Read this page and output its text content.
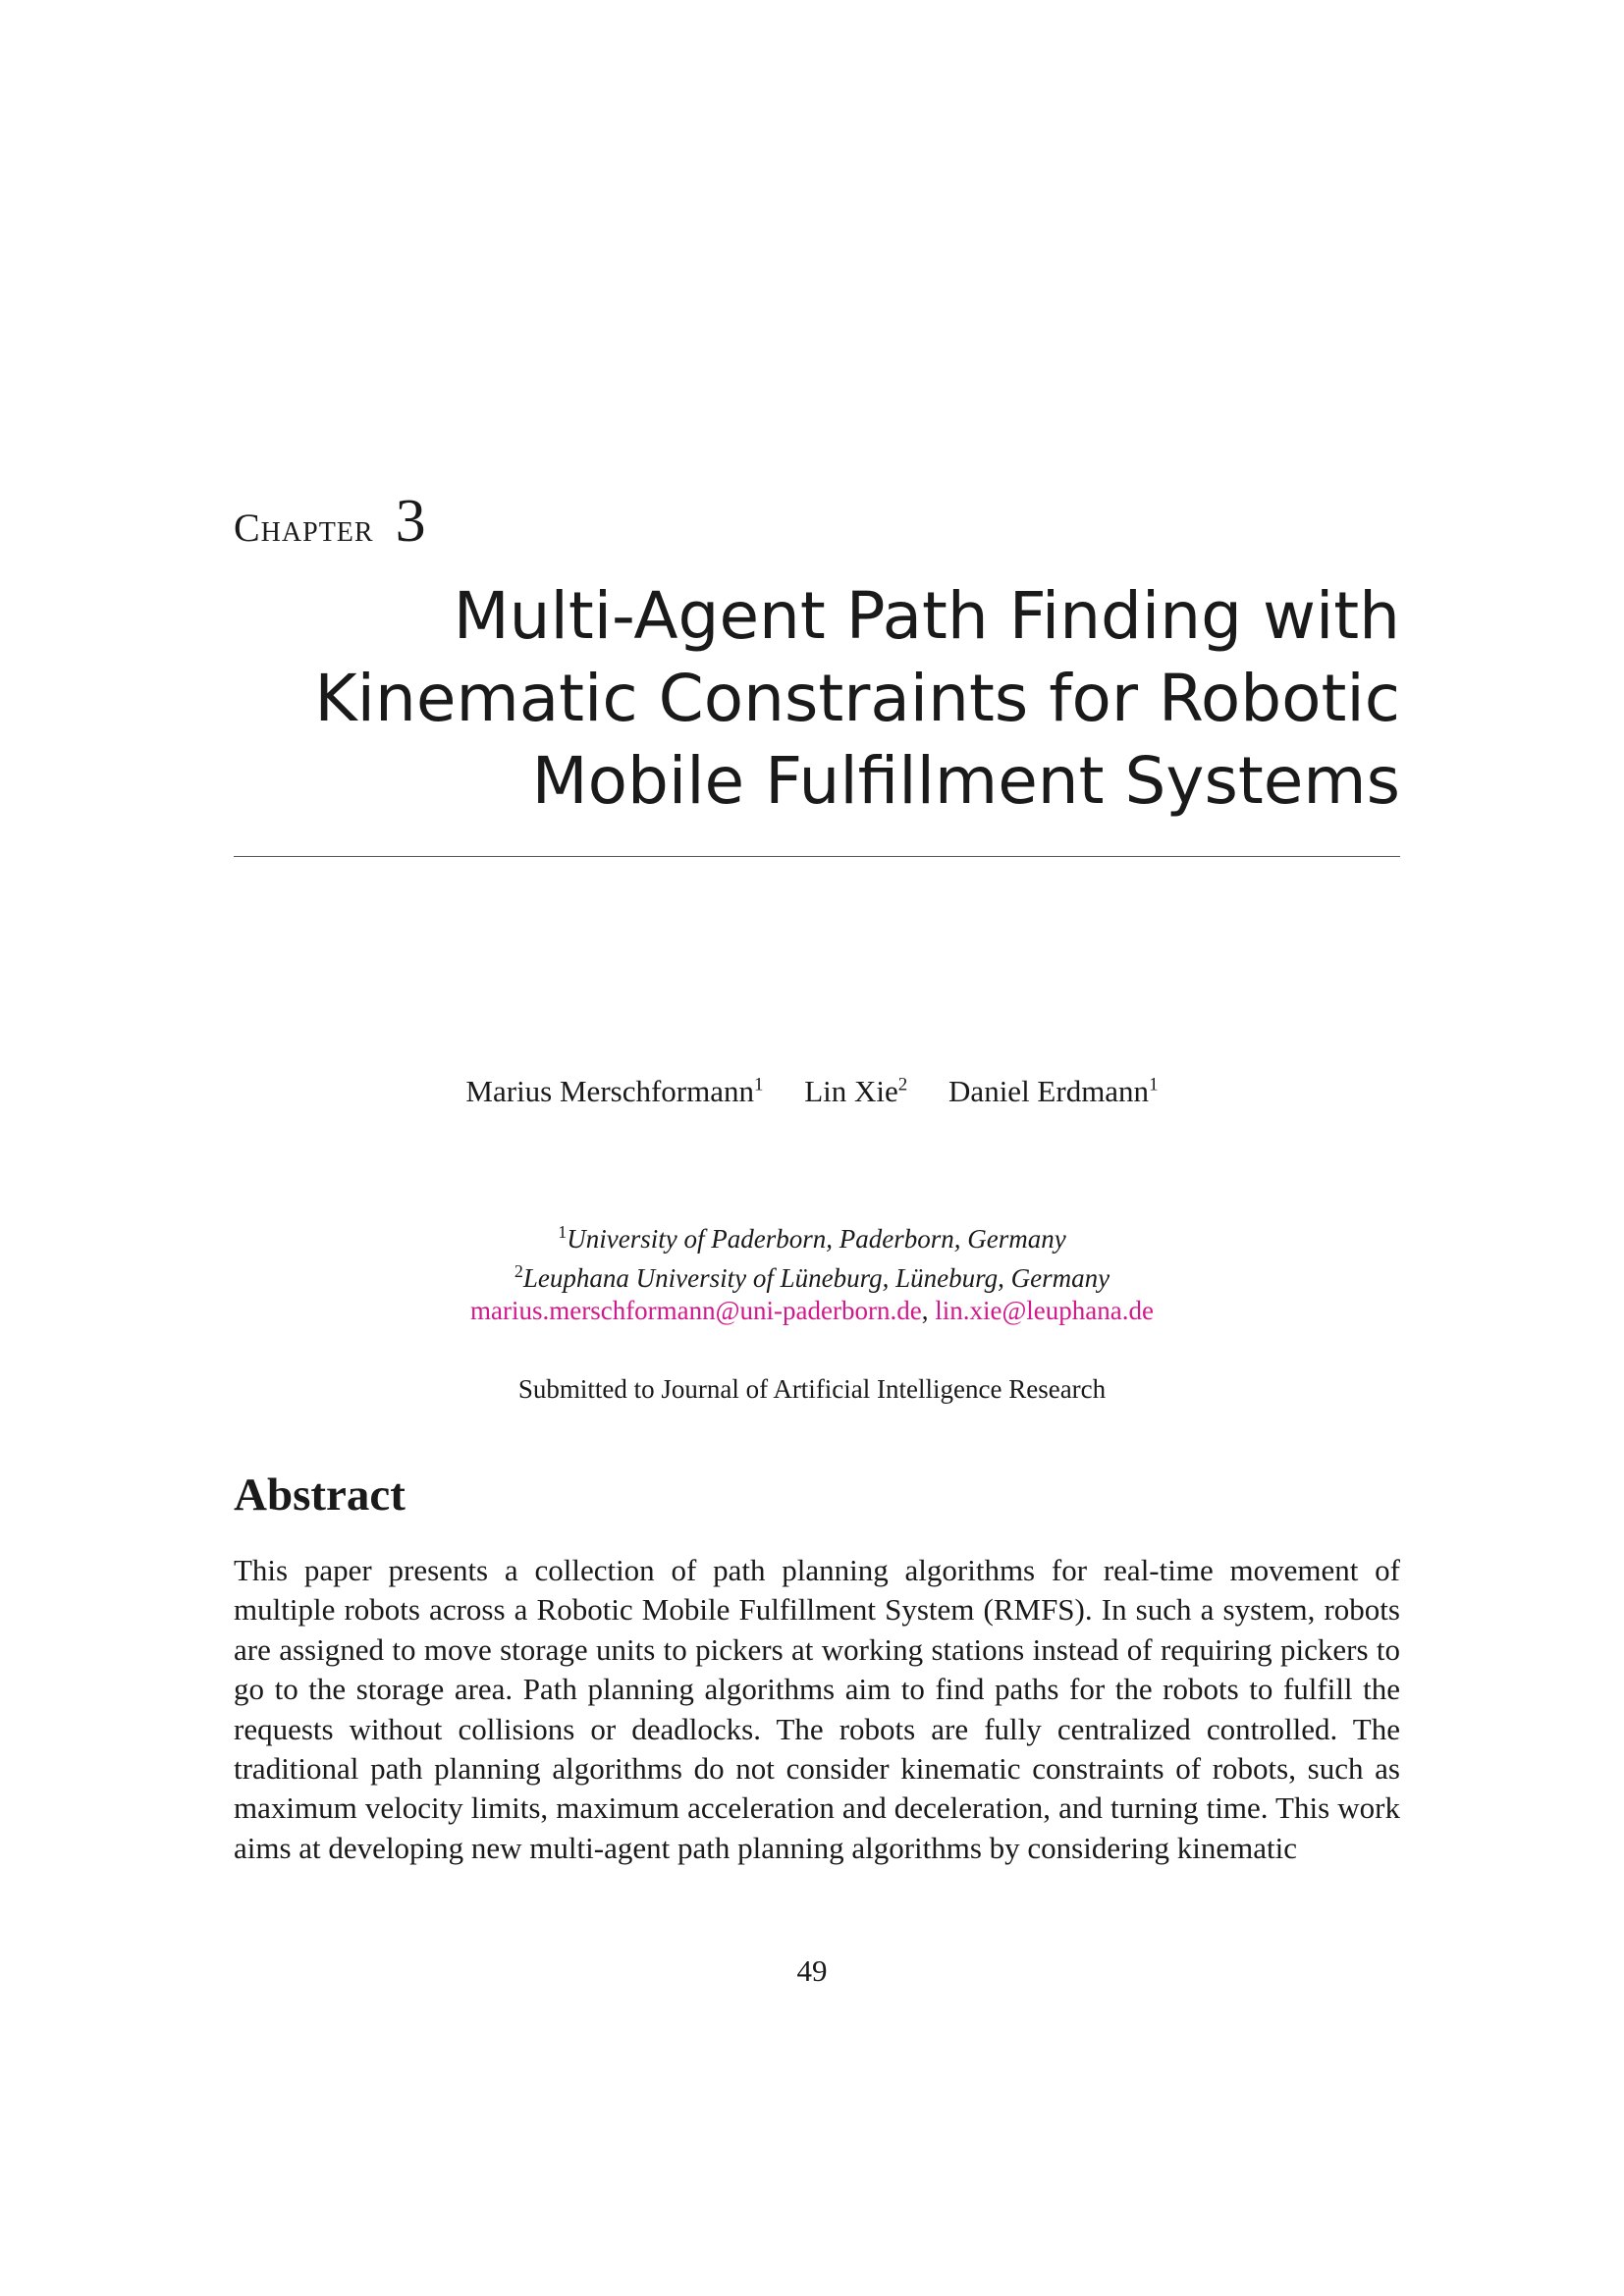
Chapter 3
Multi-Agent Path Finding with
Kinematic Constraints for Robotic
Mobile Fulfillment Systems
Marius Merschformann$^1$ Lin Xie$^2$ Daniel Erdmann$^1$
$^1$University of Paderborn, Paderborn, Germany
$^2$Leuphana University of Lüneburg, Lüneburg, Germany
marius.merschformann@uni-paderborn.de, lin.xie@leuphana.de
Submitted to Journal of Artificial Intelligence Research
Abstract

This paper presents a collection of path planning algorithms for real-time movement of multiple robots across a Robotic Mobile Fulfillment System (RMFS). In such a system, robots are assigned to move storage units to pickers at working stations instead of requiring pickers to go to the storage area. Path planning algorithms aim to find paths for the robots to fulfill the requests without collisions or deadlocks. The robots are fully centralized controlled. The traditional path planning algorithms do not consider kinematic constraints of robots, such as maximum velocity limits, maximum acceleration and deceleration, and turning time. This work aims at developing new multi-agent path planning algorithms by considering kinematic

49
